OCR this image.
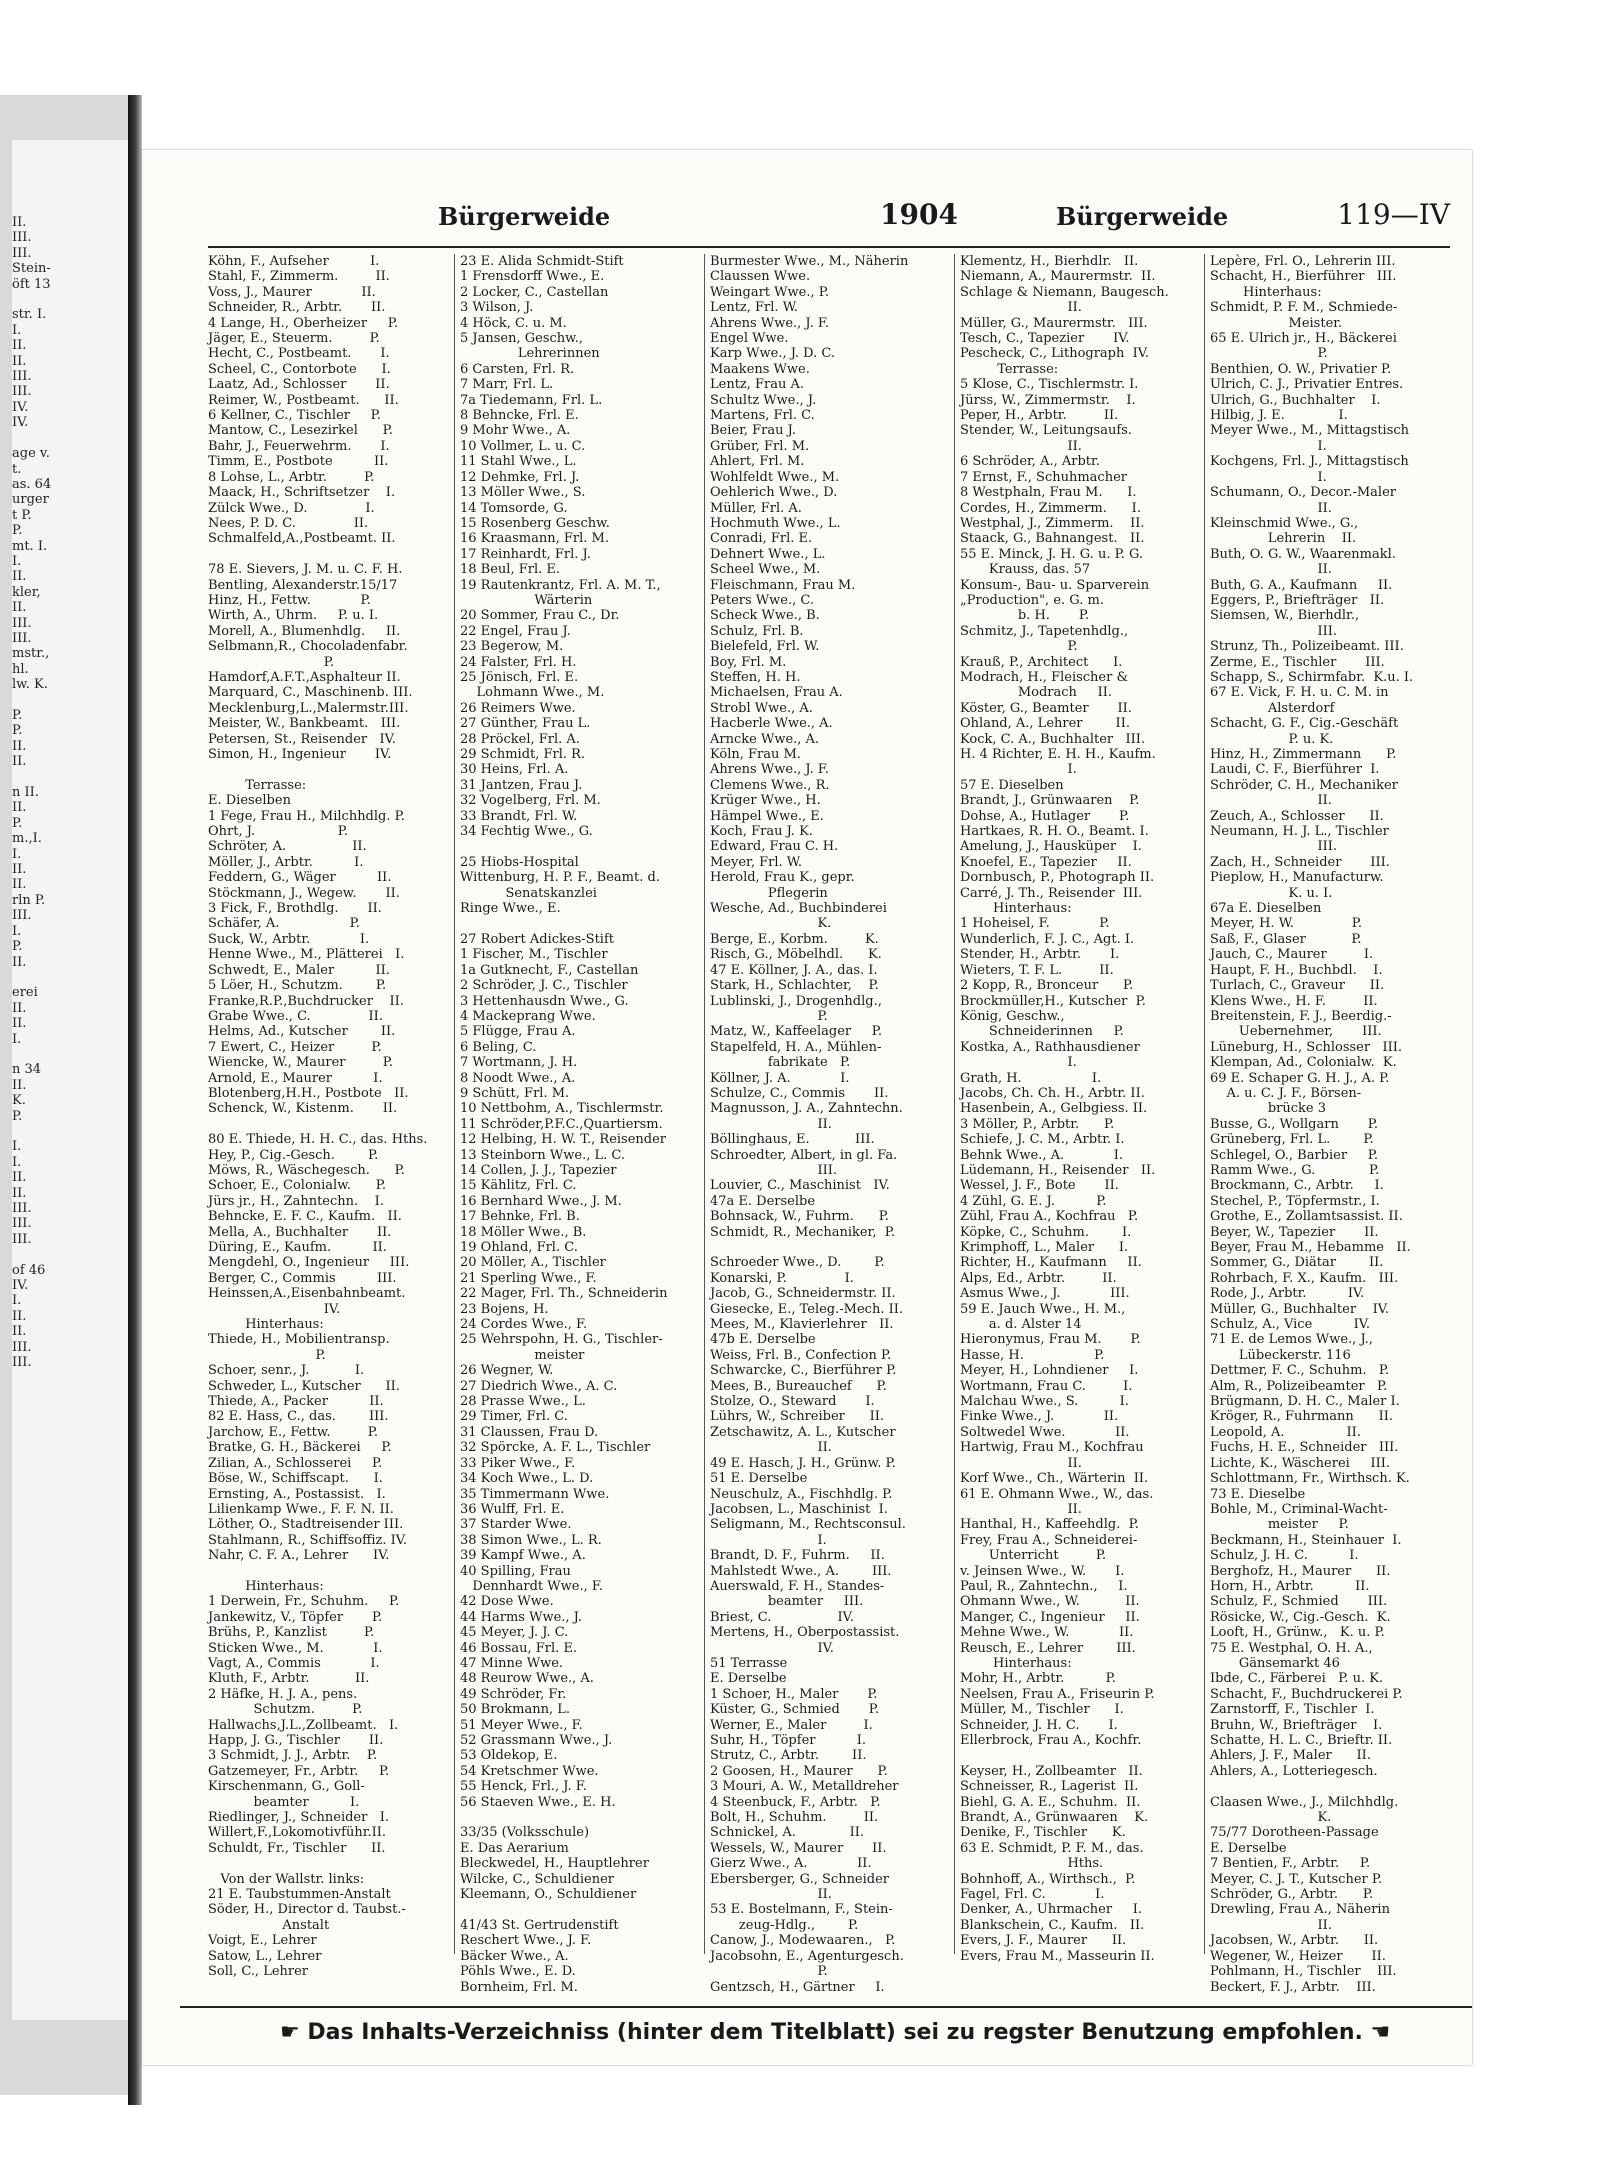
II.
III.
III.
Stein-
öft 13

str. I.
I.
II.
II.
III.
III.
IV.
IV.

age v.
t.
as. 64
urger
t P.
P.
mt. I.
I.
II.
kler,
II.
III.
III.
mstr.,
hl.
lw. K.

P.
P.
II.
II.

n II.
II.
P.
m.,I.
I.
II.
II.
rln P.
III.
I.
P.
II.

erei
II.
II.
I.

n 34
II.
K.
P.

I.
I.
II.
II.
III.
III.
III.

of 46
IV.
I.
II.
II.
III.
III.
Bürgerweide	1904	Bürgerweide	119—IV
Köhn, F., Aufseher          I.
Stahl, F., Zimmerm.         II.
Voss, J., Maurer            II.
Schneider, R., Arbtr.       II.
4 Lange, H., Oberheizer     P.
Jäger, E., Steuerm.         P.
Hecht, C., Postbeamt.       I.
Scheel, C., Contorbote      I.
Laatz, Ad., Schlosser       II.
Reimer, W., Postbeamt.      II.
6 Kellner, C., Tischler     P.
Mantow, C., Lesezirkel      P.
Bahr, J., Feuerwehrm.       I.
Timm, E., Postbote          II.
8 Lohse, L., Arbtr.         P.
Maack, H., Schriftsetzer    I.
Zülck Wwe., D.              I.
Nees, P. D. C.              II.
Schmalfeld,A.,Postbeamt. II.

78 E. Sievers, J. M. u. C. F. H.
Bentling, Alexanderstr.15/17
Hinz, H., Fettw.            P.
Wirth, A., Uhrm.     P. u. I.
Morell, A., Blumenhdlg.     II.
Selbmann,R., Chocoladenfabr.
P.
Hamdorf,A.F.T.,Asphalteur II.
Marquard, C., Maschinenb. III.
Mecklenburg,L.,Malermstr.III.
Meister, W., Bankbeamt.   III.
Petersen, St., Reisender   IV.
Simon, H., Ingenieur       IV.

Terrasse:
E. Dieselben
1 Fege, Frau H., Milchhdlg. P.
Ohrt, J.                    P.
Schröter, A.                II.
Möller, J., Arbtr.          I.
Feddern, G., Wäger          II.
Stöckmann, J., Wegew.       II.
3 Fick, F., Brothdlg.       II.
Schäfer, A.                 P.
Suck, W., Arbtr.            I.
Henne Wwe., M., Plätterei   I.
Schwedt, E., Maler          II.
5 Löer, H., Schutzm.        P.
Franke,R.P.,Buchdrucker    II.
Grabe Wwe., C.              II.
Helms, Ad., Kutscher        II.
7 Ewert, C., Heizer         P.
Wiencke, W., Maurer         P.
Arnold, E., Maurer          I.
Blotenberg,H.H., Postbote   II.
Schenck, W., Kistenm.       II.

80 E. Thiede, H. H. C., das. Hths.
Hey, P., Cig.-Gesch.        P.
Möws, R., Wäschegesch.      P.
Schoer, E., Colonialw.      P.
Jürs jr., H., Zahntechn.    I.
Behncke, E. F. C., Kaufm.   II.
Mella, A., Buchhalter       II.
Düring, E., Kaufm.          II.
Mengdehl, O., Ingenieur     III.
Berger, C., Commis          III.
Heinssen,A.,Eisenbahnbeamt.
IV.
Hinterhaus:
Thiede, H., Mobilientransp.
P.
Schoer, senr., J.           I.
Schweder, L., Kutscher      II.
Thiede, A., Packer          II.
82 E. Hass, C., das.        III.
Jarchow, E., Fettw.         P.
Bratke, G. H., Bäckerei     P.
Zilian, A., Schlosserei     P.
Böse, W., Schiffscapt.      I.
Ernsting, A., Postassist.   I.
Lilienkamp Wwe., F. F. N. II.
Löther, O., Stadtreisender III.
Stahlmann, R., Schiffsoffiz. IV.
Nahr, C. F. A., Lehrer      IV.

Hinterhaus:
1 Derwein, Fr., Schuhm.     P.
Jankewitz, V., Töpfer       P.
Brühs, P., Kanzlist         P.
Sticken Wwe., M.            I.
Vagt, A., Commis            I.
Kluth, F., Arbtr.           II.
2 Häfke, H. J. A., pens.
Schutzm.         P.
Hallwachs,J.L.,Zollbeamt.   I.
Happ, J. G., Tischler       II.
3 Schmidt, J. J., Arbtr.    P.
Gatzemeyer, Fr., Arbtr.     P.
Kirschenmann, G., Goll-
beamter          I.
Riedlinger, J., Schneider   I.
Willert,F.,Lokomotivführ.II.
Schuldt, Fr., Tischler      II.

Von der Wallstr. links:
21 E. Taubstummen-Anstalt
Söder, H., Director d. Taubst.-
Anstalt
Voigt, E., Lehrer
Satow, L., Lehrer
Soll, C., Lehrer
23 E. Alida Schmidt-Stift
1 Frensdorff Wwe., E.
2 Locker, C., Castellan
3 Wilson, J.
4 Höck, C. u. M.
5 Jansen, Geschw.,
Lehrerinnen
6 Carsten, Frl. R.
7 Marr, Frl. L.
7a Tiedemann, Frl. L.
8 Behncke, Frl. E.
9 Mohr Wwe., A.
10 Vollmer, L. u. C.
11 Stahl Wwe., L.
12 Dehmke, Frl. J.
13 Möller Wwe., S.
14 Tomsorde, G.
15 Rosenberg Geschw.
16 Kraasmann, Frl. M.
17 Reinhardt, Frl. J.
18 Beul, Frl. E.
19 Rautenkrantz, Frl. A. M. T.,
Wärterin
20 Sommer, Frau C., Dr.
22 Engel, Frau J.
23 Begerow, M.
24 Falster, Frl. H.
25 Jönisch, Frl. E.
Lohmann Wwe., M.
26 Reimers Wwe.
27 Günther, Frau L.
28 Pröckel, Frl. A.
29 Schmidt, Frl. R.
30 Heins, Frl. A.
31 Jantzen, Frau J.
32 Vogelberg, Frl. M.
33 Brandt, Frl. W.
34 Fechtig Wwe., G.

25 Hiobs-Hospital
Wittenburg, H. P. F., Beamt. d.
Senatskanzlei
Ringe Wwe., E.

27 Robert Adickes-Stift
1 Fischer, M., Tischler
1a Gutknecht, F., Castellan
2 Schröder, J. C., Tischler
3 Hettenhausdn Wwe., G.
4 Mackeprang Wwe.
5 Flügge, Frau A.
6 Beling, C.
7 Wortmann, J. H.
8 Noodt Wwe., A.
9 Schütt, Frl. M.
10 Nettbohm, A., Tischlermstr.
11 Schröder,P.F.C.,Quartiersm.
12 Helbing, H. W. T., Reisender
13 Steinborn Wwe., L. C.
14 Collen, J. J., Tapezier
15 Kählitz, Frl. C.
16 Bernhard Wwe., J. M.
17 Behnke, Frl. B.
18 Möller Wwe., B.
19 Ohland, Frl. C.
20 Möller, A., Tischler
21 Sperling Wwe., F.
22 Mager, Frl. Th., Schneiderin
23 Bojens, H.
24 Cordes Wwe., F.
25 Wehrspohn, H. G., Tischler-
meister
26 Wegner, W.
27 Diedrich Wwe., A. C.
28 Prasse Wwe., L.
29 Timer, Frl. C.
31 Claussen, Frau D.
32 Spörcke, A. F. L., Tischler
33 Piker Wwe., F.
34 Koch Wwe., L. D.
35 Timmermann Wwe.
36 Wulff, Frl. E.
37 Starder Wwe.
38 Simon Wwe., L. R.
39 Kampf Wwe., A.
40 Spilling, Frau
Dennhardt Wwe., F.
42 Dose Wwe.
44 Harms Wwe., J.
45 Meyer, J. J. C.
46 Bossau, Frl. E.
47 Minne Wwe.
48 Reurow Wwe., A.
49 Schröder, Fr.
50 Brokmann, L.
51 Meyer Wwe., F.
52 Grassmann Wwe., J.
53 Oldekop, E.
54 Kretschmer Wwe.
55 Henck, Frl., J. F.
56 Staeven Wwe., E. H.

33/35 (Volksschule)
E. Das Aerarium
Bleckwedel, H., Hauptlehrer
Wilcke, C., Schuldiener
Kleemann, O., Schuldiener

41/43 St. Gertrudenstift
Reschert Wwe., J. F.
Bäcker Wwe., A.
Pöhls Wwe., E. D.
Bornheim, Frl. M.
Burmester Wwe., M., Näherin
Claussen Wwe.
Weingart Wwe., P.
Lentz, Frl. W.
Ahrens Wwe., J. F.
Engel Wwe.
Karp Wwe., J. D. C.
Maakens Wwe.
Lentz, Frau A.
Schultz Wwe., J.
Martens, Frl. C.
Beier, Frau J.
Grüber, Frl. M.
Ahlert, Frl. M.
Wohlfeldt Wwe., M.
Oehlerich Wwe., D.
Müller, Frl. A.
Hochmuth Wwe., L.
Conradi, Frl. E.
Dehnert Wwe., L.
Scheel Wwe., M.
Fleischmann, Frau M.
Peters Wwe., C.
Scheck Wwe., B.
Schulz, Frl. B.
Bielefeld, Frl. W.
Boy, Frl. M.
Steffen, H. H.
Michaelsen, Frau A.
Strobl Wwe., A.
Hacberle Wwe., A.
Arncke Wwe., A.
Köln, Frau M.
Ahrens Wwe., J. F.
Clemens Wwe., R.
Krüger Wwe., H.
Hämpel Wwe., E.
Koch, Frau J. K.
Edward, Frau C. H.
Meyer, Frl. W.
Herold, Frau K., gepr.
Pflegerin
Wesche, Ad., Buchbinderei
K.
Berge, E., Korbm.         K.
Risch, G., Möbelhdl.      K.
47 E. Köllner, J. A., das. I.
Stark, H., Schlachter,    P.
Lublinski, J., Drogenhdlg.,
P.
Matz, W., Kaffeelager     P.
Stapelfeld, H. A., Mühlen-
fabrikate   P.
Köllner, J. A.            I.
Schulze, C., Commis       II.
Magnusson, J. A., Zahntechn.
II.
Böllinghaus, E.           III.
Schroedter, Albert, in gl. Fa.
III.
Louvier, C., Maschinist   IV.
47a E. Derselbe
Bohnsack, W., Fuhrm.      P.
Schmidt, R., Mechaniker,  P.

Schroeder Wwe., D.        P.
Konarski, P.              I.
Jacob, G., Schneidermstr. II.
Giesecke, E., Teleg.-Mech. II.
Mees, M., Klavierlehrer   II.
47b E. Derselbe
Weiss, Frl. B., Confection P.
Schwarcke, C., Bierführer P.
Mees, B., Bureauchef      P.
Stolze, O., Steward       I.
Lührs, W., Schreiber      II.
Zetschawitz, A. L., Kutscher
II.
49 E. Hasch, J. H., Grünw. P.
51 E. Derselbe
Neuschulz, A., Fischhdlg. P.
Jacobsen, L., Maschinist  I.
Seligmann, M., Rechtsconsul.
I.
Brandt, D. F., Fuhrm.     II.
Mahlstedt Wwe., A.        III.
Auerswald, F. H., Standes-
beamter     III.
Briest, C.                IV.
Mertens, H., Oberpostassist.
IV.
51 Terrasse
E. Derselbe
1 Schoer, H., Maler       P.
Küster, G., Schmied       P.
Werner, E., Maler         I.
Suhr, H., Töpfer          I.
Strutz, C., Arbtr.        II.
2 Goosen, H., Maurer      P.
3 Mouri, A. W., Metalldreher
4 Steenbuck, F., Arbtr.   P.
Bolt, H., Schuhm.         II.
Schnickel, A.             II.
Wessels, W., Maurer       II.
Gierz Wwe., A.            II.
Ebersberger, G., Schneider
II.
53 E. Bostelmann, F., Stein-
zeug-Hdlg.,        P.
Canow, J., Modewaaren.,   P.
Jacobsohn, E., Agenturgesch.
P.
Gentzsch, H., Gärtner     I.
Klementz, H., Bierhdlr.   II.
Niemann, A., Maurermstr.  II.
Schlage & Niemann, Baugesch.
II.
Müller, G., Maurermstr.   III.
Tesch, C., Tapezier       IV.
Pescheck, C., Lithograph  IV.
Terrasse:
5 Klose, C., Tischlermstr. I.
Jürss, W., Zimmermstr.    I.
Peper, H., Arbtr.         II.
Stender, W., Leitungsaufs.
II.
6 Schröder, A., Arbtr.
7 Ernst, F., Schuhmacher
8 Westphaln, Frau M.      I.
Cordes, H., Zimmerm.      I.
Westphal, J., Zimmerm.    II.
Staack, G., Bahnangest.   II.
55 E. Minck, J. H. G. u. P. G.
Krauss, das. 57
Konsum-, Bau- u. Sparverein
„Production", e. G. m.
b. H.       P.
Schmitz, J., Tapetenhdlg.,
P.
Krauß, P., Architect      I.
Modrach, H., Fleischer &
Modrach     II.
Köster, G., Beamter       II.
Ohland, A., Lehrer        II.
Kock, C. A., Buchhalter   III.
H. 4 Richter, E. H. H., Kaufm.
I.
57 E. Dieselben
Brandt, J., Grünwaaren    P.
Dohse, A., Hutlager       P.
Hartkaes, R. H. O., Beamt. I.
Amelung, J., Hausküper    I.
Knoefel, E., Tapezier     II.
Dornbusch, P., Photograph II.
Carré, J. Th., Reisender  III.
Hinterhaus:
1 Hoheisel, F.            P.
Wunderlich, F. J. C., Agt. I.
Stender, H., Arbtr.       I.
Wieters, T. F. L.         II.
2 Kopp, R., Bronceur      P.
Brockmüller,H., Kutscher  P.
König, Geschw.,
Schneiderinnen     P.
Kostka, A., Rathhausdiener
I.
Grath, H.                 I.
Jacobs, Ch. Ch. H., Arbtr. II.
Hasenbein, A., Gelbgiess. II.
3 Möller, P., Arbtr.      P.
Schiefe, J. C. M., Arbtr. I.
Behnk Wwe., A.            I.
Lüdemann, H., Reisender   II.
Wessel, J. F., Bote       II.
4 Zühl, G. E. J.          P.
Zühl, Frau A., Kochfrau   P.
Köpke, C., Schuhm.        I.
Krimphoff, L., Maler      I.
Richter, H., Kaufmann     II.
Alps, Ed., Arbtr.         II.
Asmus Wwe., J.            III.
59 E. Jauch Wwe., H. M.,
a. d. Alster 14
Hieronymus, Frau M.       P.
Hasse, H.                 P.
Meyer, H., Lohndiener     I.
Wortmann, Frau C.         I.
Malchau Wwe., S.          I.
Finke Wwe., J.            II.
Soltwedel Wwe.            II.
Hartwig, Frau M., Kochfrau
II.
Korf Wwe., Ch., Wärterin  II.
61 E. Ohmann Wwe., W., das.
II.
Hanthal, H., Kaffeehdlg.  P.
Frey, Frau A., Schneiderei-
Unterricht         P.
v. Jeinsen Wwe., W.       I.
Paul, R., Zahntechn.,     I.
Ohmann Wwe., W.           II.
Manger, C., Ingenieur     II.
Mehne Wwe., W.            II.
Reusch, E., Lehrer        III.
Hinterhaus:
Mohr, H., Arbtr.          P.
Neelsen, Frau A., Friseurin P.
Müller, M., Tischler      I.
Schneider, J. H. C.       I.
Ellerbrock, Frau A., Kochfr.

Keyser, H., Zollbeamter   II.
Schneisser, R., Lagerist  II.
Biehl, G. A. E., Schuhm.  II.
Brandt, A., Grünwaaren    K.
Denike, F., Tischler      K.
63 E. Schmidt, P. F. M., das.
Hths.
Bohnhoff, A., Wirthsch.,  P.
Fagel, Frl. C.            I.
Denker, A., Uhrmacher     I.
Blankschein, C., Kaufm.   II.
Evers, J. F., Maurer      II.
Evers, Frau M., Masseurin II.
Lepère, Frl. O., Lehrerin III.
Schacht, H., Bierführer   III.
Hinterhaus:
Schmidt, P. F. M., Schmiede-
Meister.
65 E. Ulrich jr., H., Bäckerei
P.
Benthien, O. W., Privatier P.
Ulrich, C. J., Privatier Entres.
Ulrich, G., Buchhalter    I.
Hilbig, J. E.             I.
Meyer Wwe., M., Mittagstisch
I.
Kochgens, Frl. J., Mittagstisch
I.
Schumann, O., Decor.-Maler
II.
Kleinschmid Wwe., G.,
Lehrerin    II.
Buth, O. G. W., Waarenmakl.
II.
Buth, G. A., Kaufmann     II.
Eggers, P., Briefträger   II.
Siemsen, W., Bierhdlr.,
III.
Strunz, Th., Polizeibeamt. III.
Zerme, E., Tischler       III.
Schapp, S., Schirmfabr.  K.u. I.
67 E. Vick, F. H. u. C. M. in
Alsterdorf
Schacht, G. F., Cig.-Geschäft
P. u. K.
Hinz, H., Zimmermann      P.
Laudi, C. F., Bierführer  I.
Schröder, C. H., Mechaniker
II.
Zeuch, A., Schlosser      II.
Neumann, H. J. L., Tischler
III.
Zach, H., Schneider       III.
Pieplow, H., Manufacturw.
K. u. I.
67a E. Dieselben
Meyer, H. W.              P.
Saß, F., Glaser           P.
Jauch, C., Maurer         I.
Haupt, F. H., Buchbdl.    I.
Turlach, C., Graveur      II.
Klens Wwe., H. F.         II.
Breitenstein, F. J., Beerdig.-
Uebernehmer,       III.
Lüneburg, H., Schlosser   III.
Klempan, Ad., Colonialw.  K.
69 E. Schaper G. H. J., A. P.
A. u. C. J. F., Börsen-
brücke 3
Busse, G., Wollgarn       P.
Grüneberg, Frl. L.        P.
Schlegel, O., Barbier     P.
Ramm Wwe., G.             P.
Brockmann, C., Arbtr.     I.
Stechel, P., Töpfermstr., I.
Grothe, E., Zollamtsassist. II.
Beyer, W., Tapezier       II.
Beyer, Frau M., Hebamme   II.
Sommer, G., Diätar        II.
Rohrbach, F. X., Kaufm.   III.
Rode, J., Arbtr.          IV.
Müller, G., Buchhalter    IV.
Schulz, A., Vice          IV.
71 E. de Lemos Wwe., J.,
Lübeckerstr. 116
Dettmer, F. C., Schuhm.   P.
Alm, R., Polizeibeamter   P.
Brügmann, D. H. C., Maler I.
Kröger, R., Fuhrmann      II.
Leopold, A.               II.
Fuchs, H. E., Schneider   III.
Lichte, K., Wäscherei     III.
Schlottmann, Fr., Wirthsch. K.
73 E. Dieselbe
Bohle, M., Criminal-Wacht-
meister     P.
Beckmann, H., Steinhauer  I.
Schulz, J. H. C.          I.
Berghofz, H., Maurer      II.
Horn, H., Arbtr.          II.
Schulz, F., Schmied       III.
Rösicke, W., Cig.-Gesch.  K.
Looft, H., Grünw.,   K. u. P.
75 E. Westphal, O. H. A.,
Gänsemarkt 46
Ibde, C., Färberei   P. u. K.
Schacht, F., Buchdruckerei P.
Zarnstorff, F., Tischler  I.
Bruhn, W., Briefträger    I.
Schatte, H. L. C., Brieftr. II.
Ahlers, J. F., Maler      II.
Ahlers, A., Lotteriegesch.

Claasen Wwe., J., Milchhdlg.
K.
75/77 Dorotheen-Passage
E. Derselbe
7 Bentien, F., Arbtr.     P.
Meyer, C. J. T., Kutscher P.
Schröder, G., Arbtr.      P.
Drewling, Frau A., Näherin
II.
Jacobsen, W., Arbtr.      II.
Wegener, W., Heizer       II.
Pohlmann, H., Tischler    III.
Beckert, F. J., Arbtr.    III.
☛ Das Inhalts-Verzeichniss (hinter dem Titelblatt) sei zu regster Benutzung empfohlen. ☚
